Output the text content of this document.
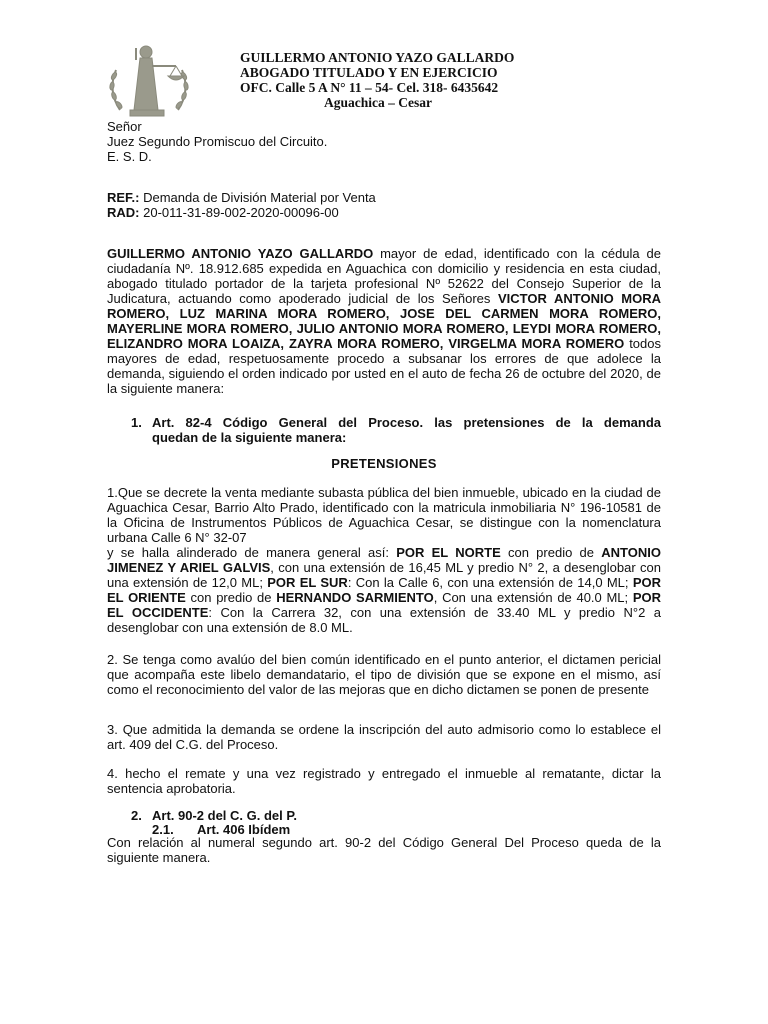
GUILLERMO ANTONIO YAZO GALLARDO
ABOGADO TITULADO Y EN EJERCICIO
OFC. Calle 5 A N° 11 – 54- Cel. 318- 6435642
Aguachica – Cesar
Señor
Juez Segundo Promiscuo del Circuito.
E. S. D.
REF.: Demanda de División Material por Venta
RAD: 20-011-31-89-002-2020-00096-00
GUILLERMO ANTONIO YAZO GALLARDO mayor de edad, identificado con la cédula de ciudadanía Nº. 18.912.685 expedida en Aguachica con domicilio y residencia en esta ciudad, abogado titulado portador de la tarjeta profesional Nº 52622 del Consejo Superior de la Judicatura, actuando como apoderado judicial de los Señores VICTOR ANTONIO MORA ROMERO, LUZ MARINA MORA ROMERO, JOSE DEL CARMEN MORA ROMERO, MAYERLINE MORA ROMERO, JULIO ANTONIO MORA ROMERO, LEYDI MORA ROMERO, ELIZANDRO MORA LOAIZA, ZAYRA MORA ROMERO, VIRGELMA MORA ROMERO todos mayores de edad, respetuosamente procedo a subsanar los errores de que adolece la demanda, siguiendo el orden indicado por usted en el auto de fecha 26 de octubre del 2020, de la siguiente manera:
1. Art. 82-4 Código General del Proceso. las pretensiones de la demanda
quedan de la siguiente manera:
PRETENSIONES
1.Que se decrete la venta mediante subasta pública del bien inmueble, ubicado en la ciudad de Aguachica Cesar, Barrio Alto Prado, identificado con la matricula inmobiliaria N° 196-10581 de la Oficina de Instrumentos Públicos de Aguachica Cesar, se distingue con la nomenclatura urbana Calle 6 N° 32-07
y se halla alinderado de manera general así: POR EL NORTE con predio de ANTONIO JIMENEZ Y ARIEL GALVIS, con una extensión de 16,45 ML y predio N° 2, a desenglobar con una extensión de 12,0 ML; POR EL SUR: Con la Calle 6, con una extensión de 14,0 ML; POR EL ORIENTE con predio de HERNANDO SARMIENTO, Con una extensión de 40.0 ML; POR EL OCCIDENTE: Con la Carrera 32, con una extensión de 33.40 ML y predio N°2 a desenglobar con una extensión de 8.0 ML.
2. Se tenga como avalúo del bien común identificado en el punto anterior, el dictamen pericial que acompaña este libelo demandatario, el tipo de división que se expone en el mismo, así como el reconocimiento del valor de las mejoras que en dicho dictamen se ponen de presente
3. Que admitida la demanda se ordene la inscripción del auto admisorio como lo establece el art. 409 del C.G. del Proceso.
4. hecho el remate y una vez registrado y entregado el inmueble al rematante, dictar la sentencia aprobatoria.
2. Art. 90-2 del C. G. del P.
2.1. Art. 406 Ibídem
Con relación al numeral segundo art. 90-2 del Código General Del Proceso queda de la siguiente manera.
